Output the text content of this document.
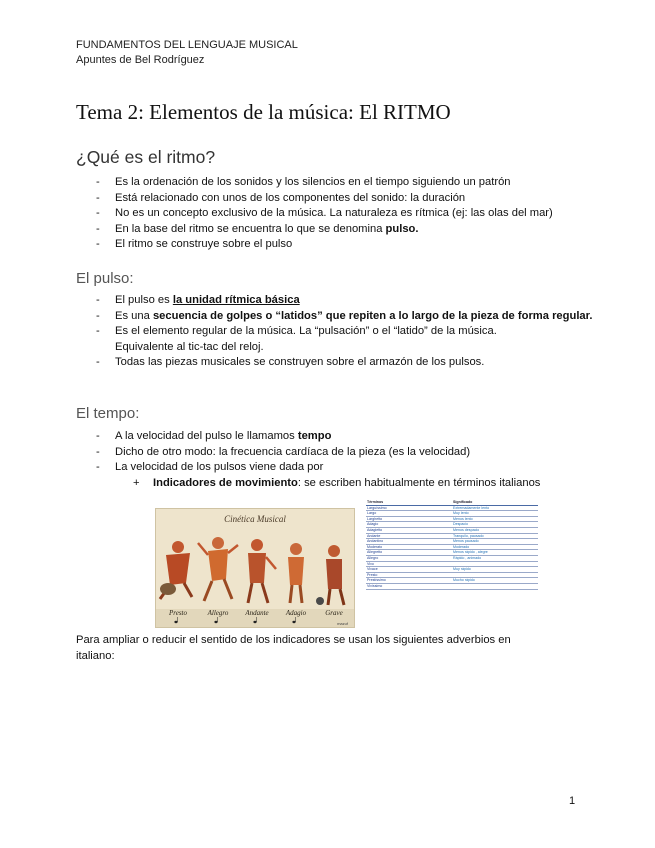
FUNDAMENTOS DEL LENGUAJE MUSICAL
Apuntes de Bel Rodríguez
Tema 2: Elementos de la música: El RITMO
¿Qué es el ritmo?
- Es la ordenación de los sonidos y los silencios en el tiempo siguiendo un patrón
- Está relacionado con unos de los componentes del sonido: la duración
- No es un concepto exclusivo de la música. La naturaleza es rítmica (ej: las olas del mar)
- En la base del ritmo se encuentra lo que se denomina pulso.
- El ritmo se construye sobre el pulso
El pulso:
- El pulso es la unidad rítmica básica
- Es una secuencia de golpes o “latidos” que repiten a lo largo de la pieza de forma regular.
- Es el elemento regular de la música. La “pulsación” o el “latido” de la música.
Equivalente al tic-tac del reloj.
- Todas las piezas musicales se construyen sobre el armazón de los pulsos.
El tempo:
- A la velocidad del pulso le llamamos tempo
- Dicho de otro modo: la frecuencia cardíaca de la pieza (es la velocidad)
- La velocidad de los pulsos viene dada por
+ Indicadores de movimiento: se escriben habitualmente en términos italianos
Cinética Musical
Presto	Allegro Andante Adagio	Grave
mazuf
Términos	Significado
Larguíssimo	Extremadamente lento
Largo	Muy lento
Larghetto	Menos lento
Adagio	Despacio
Adagietto	Menos despacio
Andante	Tranquilo, pausado
Andantino	Menos pausado
Moderato	Moderado
Allegretto	Menos rápido , alegre
Allegro	Rápido , animado
Vivo	
Vivace	Muy rápido
Presto	
Prestíssimo	Mucho rápido
Vivíssimo	

Para ampliar o reducir el sentido de los indicadores se usan los siguientes adverbios en italiano:

1
